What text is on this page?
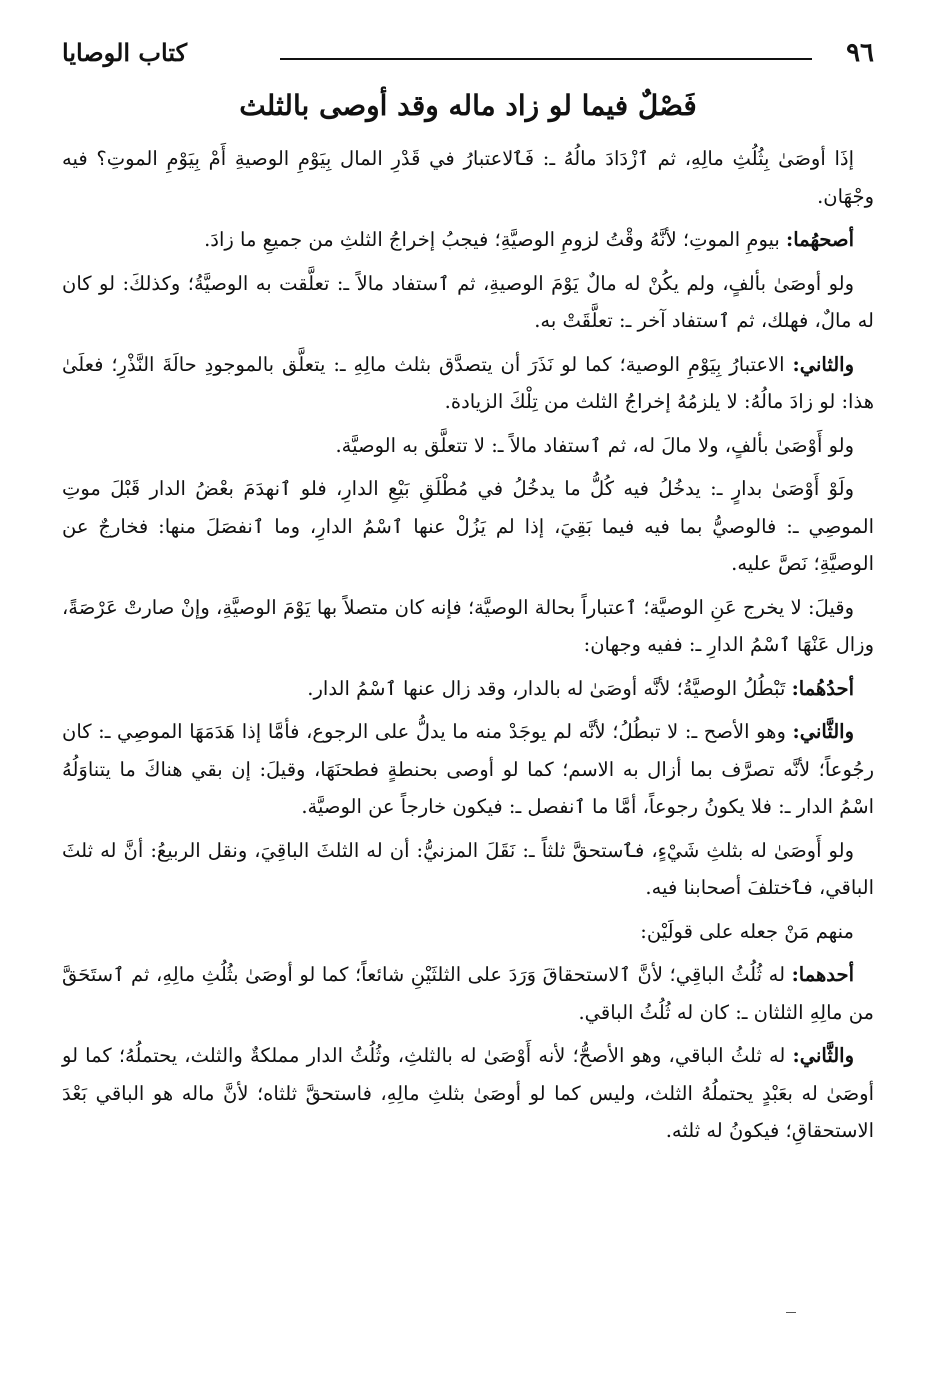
٩٦
كتاب الوصايا
فَصْلٌ فيما لو زاد ماله وقد أوصى بالثلث

إذَا أوصَىٰ بِثُلُثِ مالِهِ، ثم ٱزْدَادَ مالُهُ ـ: فَٱلاعتبارُ في قَدْرِ المال بِيَوْمِ الوصيةِ أَمْ بِيَوْمِ الموتِ؟ فيه وجْهَان.

أصحهُما: بيومِ الموتِ؛ لأنَّهُ وقْتُ لزومِ الوصيَّةِ؛ فيجبُ إخراجُ الثلثِ من جميعِ ما زادَ.

ولو أوصَىٰ بألفٍ، ولم يكُنْ له مالٌ يَوْمَ الوصيةِ، ثم ٱستفاد مالاً ـ: تعلَّقت به الوصيَّةُ؛ وكذلكَ: لو كان له مالٌ، فهلك، ثم ٱستفاد آخر ـ: تعلَّقَتْ به.

والثاني: الاعتبارُ بِيَوْمِ الوصية؛ كما لو نَذَرَ أن يتصدَّق بثلث مالِهِ ـ: يتعلَّق بالموجودِ حالَةَ النَّذْرِ؛ فعلَىٰ هذا: لو زادَ مالُهُ: لا يلزمُهُ إخراجُ الثلث من تِلْكَ الزيادة.

ولو أَوْصَىٰ بألفٍ، ولا مالَ له، ثم ٱستفاد مالاً ـ: لا تتعلَّق به الوصيَّة.

ولَوْ أَوْصَىٰ بدارٍ ـ: يدخُلُ فيه كُلُّ ما يدخُلُ في مُطْلَقِ بَيْعِ الدارِ، فلو ٱنهدَمَ بعْضُ الدار قَبْلَ موتِ الموصِي ـ: فالوصيُّ بما فيه فيما بَقِيَ، إذا لم يَزُلْ عنها ٱسْمُ الدارِ، وما ٱنفصَلَ منها: فخارجٌ عن الوصيَّةِ؛ نَصَّ عليه.

وقيلَ: لا يخرج عَنِ الوصيَّة؛ ٱعتباراً بحالة الوصيَّة؛ فإنه كان متصلاً بها يَوْمَ الوصيَّةِ، وإنْ صارتْ عَرْصَةً، وزال عَنْهَا ٱسْمُ الدارِ ـ: ففيه وجهان:

أحدُهُما: تَبْطُلُ الوصيَّةُ؛ لأنَّه أوصَىٰ له بالدار، وقد زال عنها ٱسْمُ الدار.

والثَّاني: وهو الأصح ـ: لا تبطُلُ؛ لأنَّه لم يوجَدْ منه ما يدلُّ على الرجوع، فأمَّا إذا هَدَمَهَا الموصِي ـ: كان رجُوعاً؛ لأنَّه تصرَّف بما أزال به الاسم؛ كما لو أوصى بحنطةٍ فطحنَهَا، وقيلَ: إن بقي هناكَ ما يتناوَلُهُ اسْمُ الدار ـ: فلا يكونُ رجوعاً، أمَّا ما ٱنفصل ـ: فيكون خارجاً عن الوصيَّة.

ولو أَوصَىٰ له بثلثِ شَيْءٍ، فٱستحقَّ ثلثاً ـ: نَقَلَ المزنيُّ: أن له الثلثَ الباقِيَ، ونقل الربيعُ: أنَّ له ثلثَ الباقي، فٱختلفَ أصحابنا فيه.

منهم مَنْ جعله على قولَيْن:

أحدهما: له ثُلُثُ الباقِي؛ لأنَّ ٱلاستحقاقَ وَرَدَ على الثلثَيْنِ شائعاً؛ كما لو أوصَىٰ بثُلُثِ مالِهِ، ثم ٱستَحَقَّ من مالِهِ الثلثان ـ: كان له ثُلُثُ الباقي.

والثَّاني: له ثلثُ الباقي، وهو الأصحُّ؛ لأنه أَوْصَىٰ له بالثلثِ، وثُلُثُ الدار مملكةٌ والثلث، يحتملُهُ؛ كما لو أوصَىٰ له بعَبْدٍ يحتملُهُ الثلث، وليس كما لو أوصَىٰ بثلثِ مالِهِ، فاستحقَّ ثلثاه؛ لأنَّ ماله هو الباقي بَعْدَ الاستحقاقِ؛ فيكونُ له ثلثه.
